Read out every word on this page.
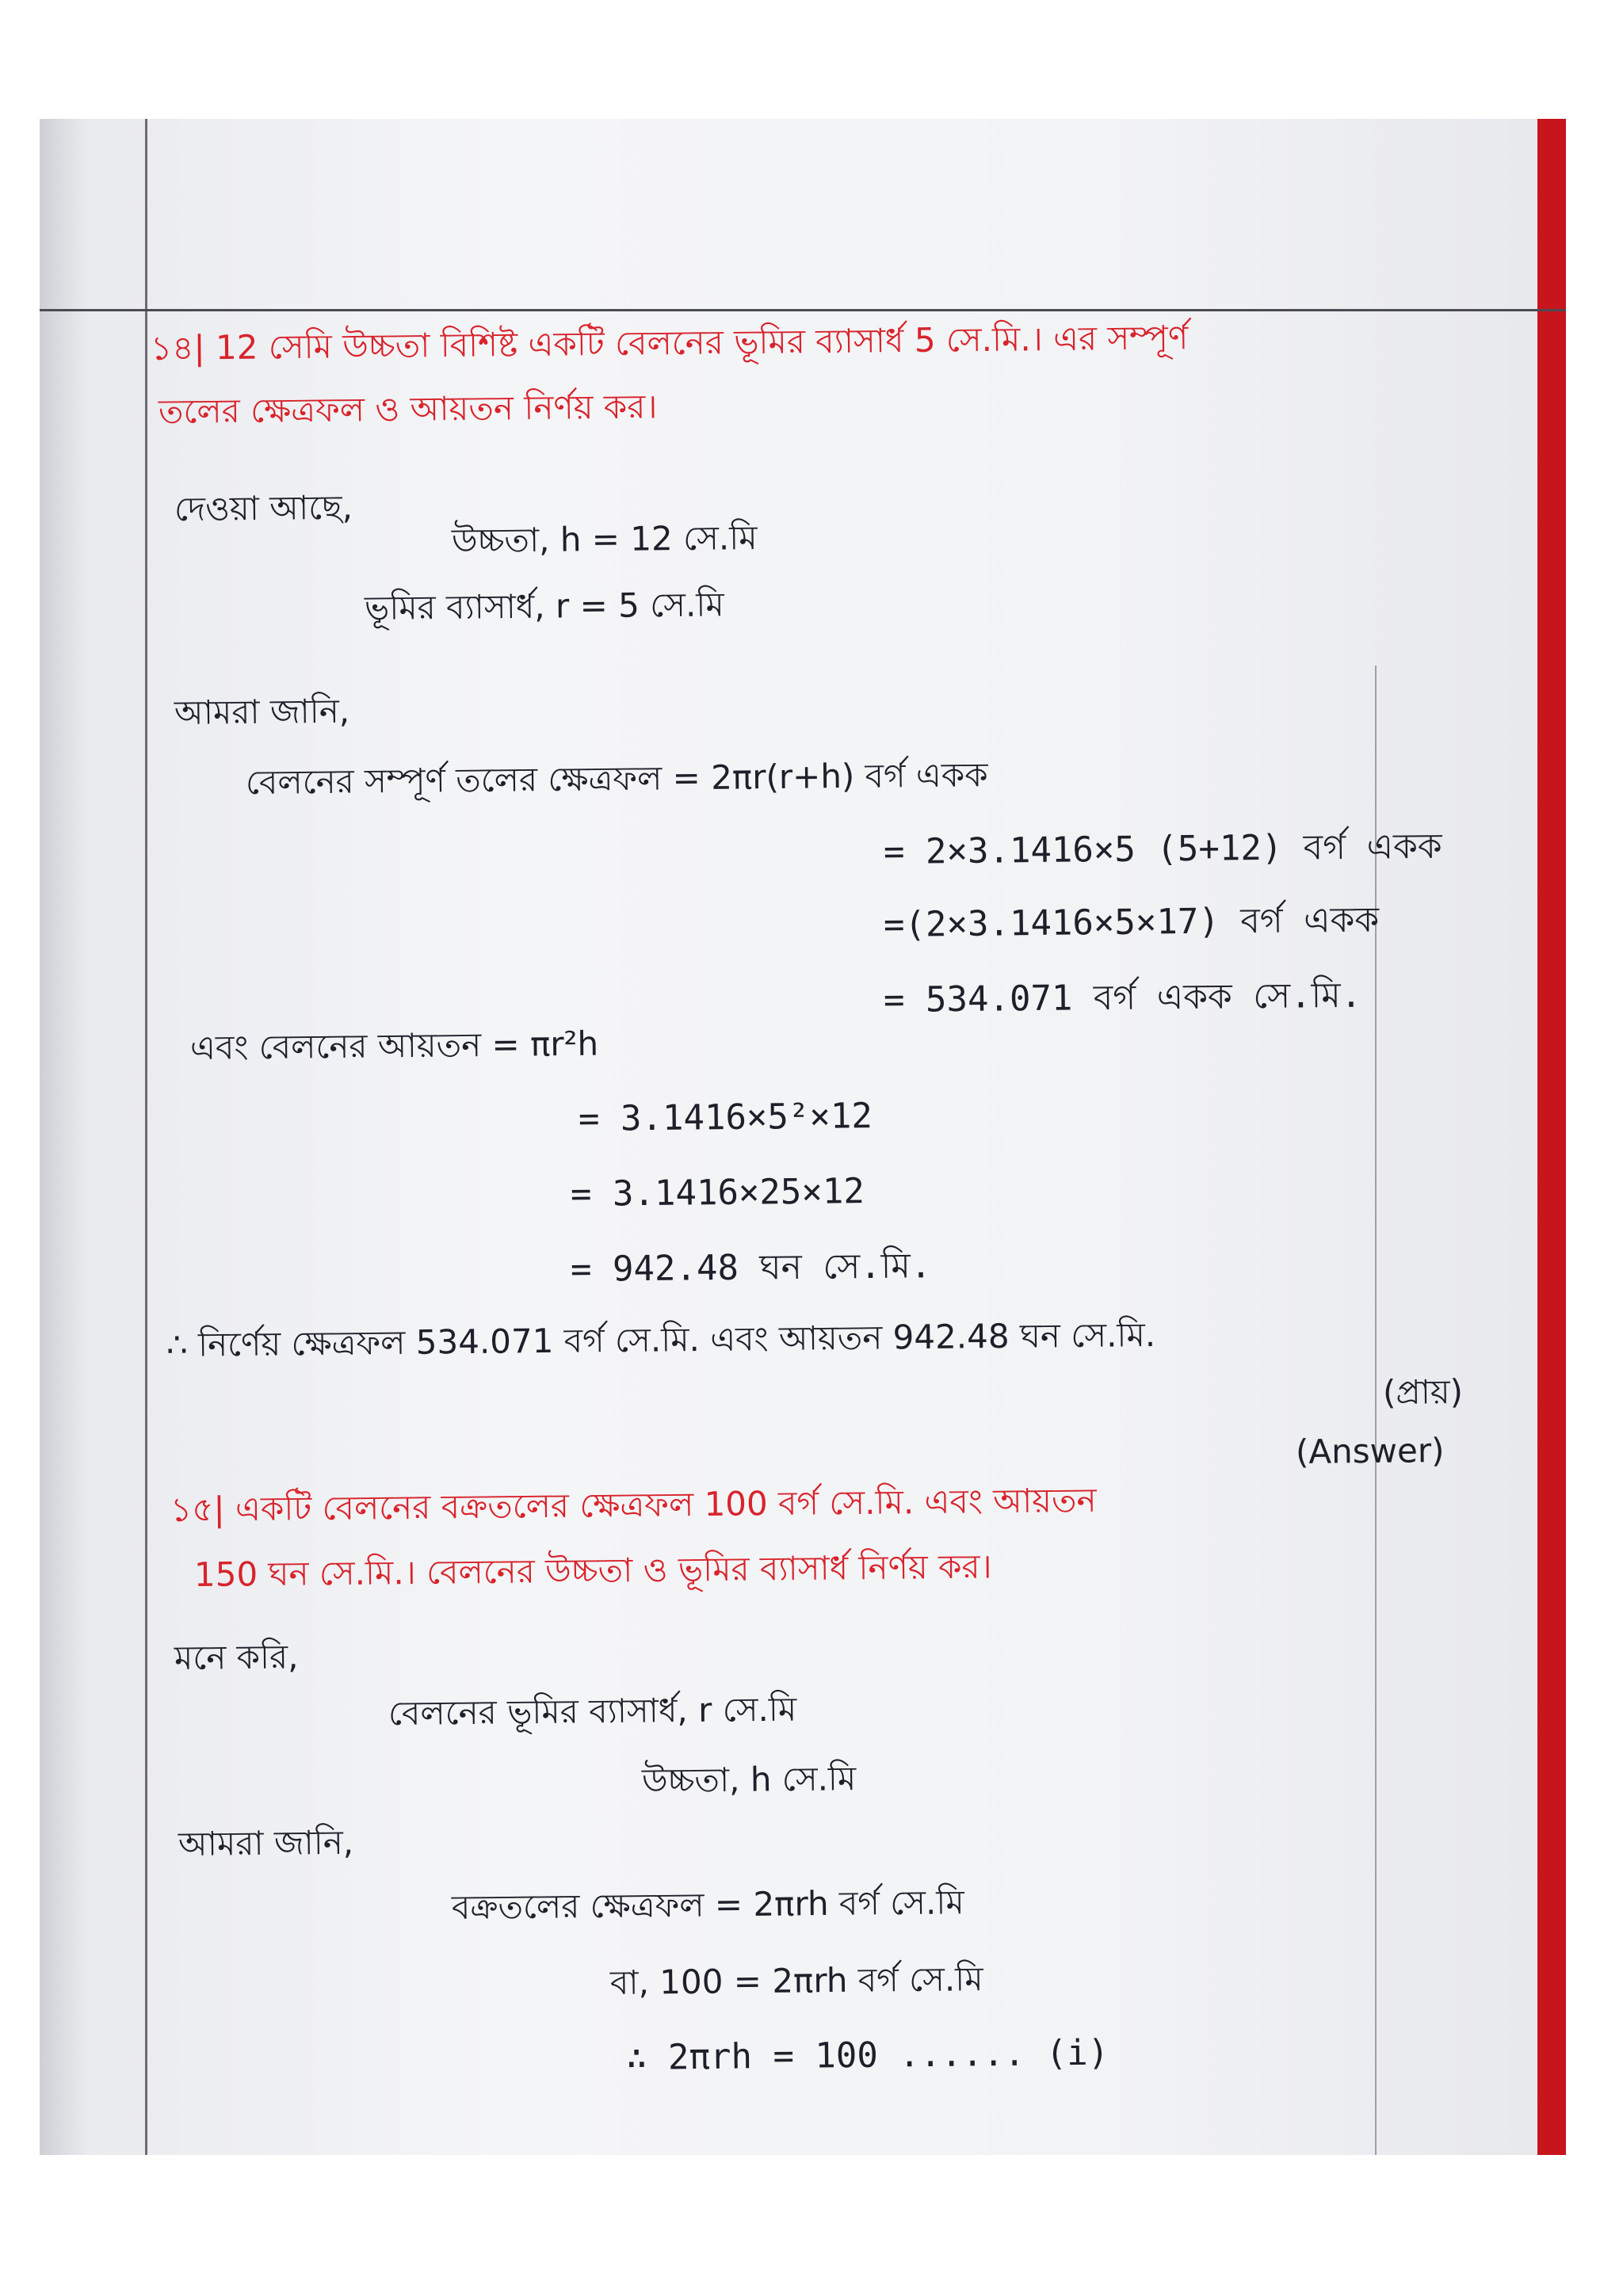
১৪| 12 সেমি উচ্চতা বিশিষ্ট একটি বেলনের ভূমির ব্যাসার্ধ 5 সে.মি.। এর সম্পূর্ণ
তলের ক্ষেত্রফল ও আয়তন নির্ণয় কর।
দেওয়া আছে,
উচ্চতা, h = 12 সে.মি
ভূমির ব্যাসার্ধ, r = 5 সে.মি
আমরা জানি,
বেলনের সম্পূর্ণ তলের ক্ষেত্রফল = 2πr(r+h) বর্গ একক
= 2×3.1416×5 (5+12) বর্গ একক
=(2×3.1416×5×17) বর্গ একক
= 534.071 বর্গ একক সে.মি.
এবং বেলনের আয়তন = πr²h
= 3.1416×5²×12
= 3.1416×25×12
= 942.48 ঘন সে.মি.
∴ নির্ণেয় ক্ষেত্রফল 534.071 বর্গ সে.মি. এবং আয়তন 942.48 ঘন সে.মি.
(প্রায়)
(Answer)
১৫| একটি বেলনের বক্রতলের ক্ষেত্রফল 100 বর্গ সে.মি. এবং আয়তন
150 ঘন সে.মি.। বেলনের উচ্চতা ও ভূমির ব্যাসার্ধ নির্ণয় কর।
মনে করি,
বেলনের ভূমির ব্যাসার্ধ, r সে.মি
উচ্চতা, h সে.মি
আমরা জানি,
বক্রতলের ক্ষেত্রফল = 2πrh বর্গ সে.মি
বা, 100 = 2πrh বর্গ সে.মি
∴ 2πrh = 100 ...... (i)
